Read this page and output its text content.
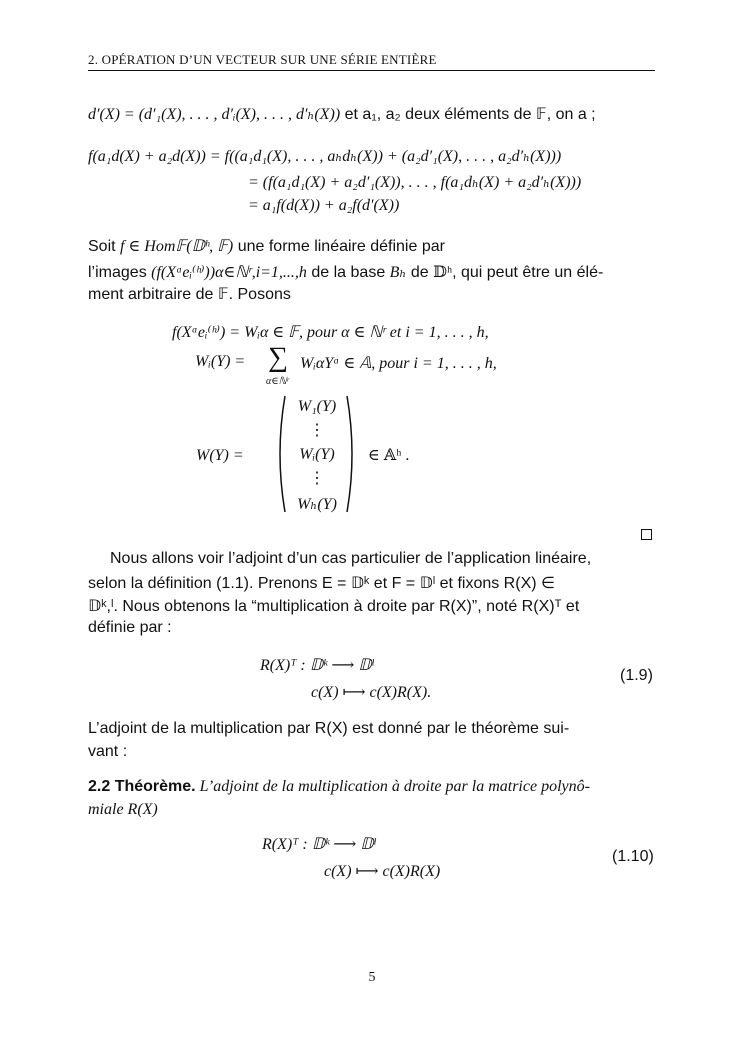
2. OPÉRATION D’UN VECTEUR SUR UNE SÉRIE ENTIÈRE
d′(X) = (d′₁(X), . . . , d′ᵢ(X), . . . , d′ₕ(X)) et a₁, a₂ deux éléments de 𝔽, on a ;
f(a₁d(X) + a₂d(X)) = f((a₁d₁(X), . . . , aₕdₕ(X)) + (a₂d′₁(X), . . . , a₂d′ₕ(X)))
= (f(a₁d₁(X) + a₂d′₁(X)), . . . , f(a₁dₕ(X) + a₂d′ₕ(X)))
= a₁f(d(X)) + a₂f(d′(X))
Soit f ∈ Hom𝔽(𝔻ʰ, 𝔽) une forme linéaire définie par
l’images (f(Xᵅeᵢ⁽ʰ⁾))α∈ℕʳ,i=1,...,h de la base Bₕ de 𝔻ʰ, qui peut être un élé-
ment arbitraire de 𝔽. Posons
f(Xᵅeᵢ⁽ʰ⁾) = Wᵢα ∈ 𝔽, pour α ∈ ℕʳ et i = 1, . . . , h,
Wᵢ(Y) = ∑
α∈ℕʳ
WᵢαYᵅ ∈ 𝔸, pour i = 1, . . . , h,
W(Y) =
W₁(Y)
⋮
Wᵢ(Y)
⋮
Wₕ(Y)
∈ 𝔸ʰ .
Nous allons voir l’adjoint d’un cas particulier de l’application linéaire,
selon la définition (1.1). Prenons E = 𝔻ᵏ et F = 𝔻ˡ et fixons R(X) ∈
𝔻ᵏ,ˡ. Nous obtenons la “multiplication à droite par R(X)”, noté R(X)ᵀ et
définie par :
R(X)ᵀ : 𝔻ᵏ ⟶ 𝔻ˡ
c(X) ⟼ c(X)R(X).
(1.9)
L’adjoint de la multiplication par R(X) est donné par le théorème sui-
vant :
2.2 Théorème. L’adjoint de la multiplication à droite par la matrice polynô-
miale R(X)
R(X)ᵀ : 𝔻ᵏ ⟶ 𝔻ˡ
c(X) ⟼ c(X)R(X)
(1.10)
5
